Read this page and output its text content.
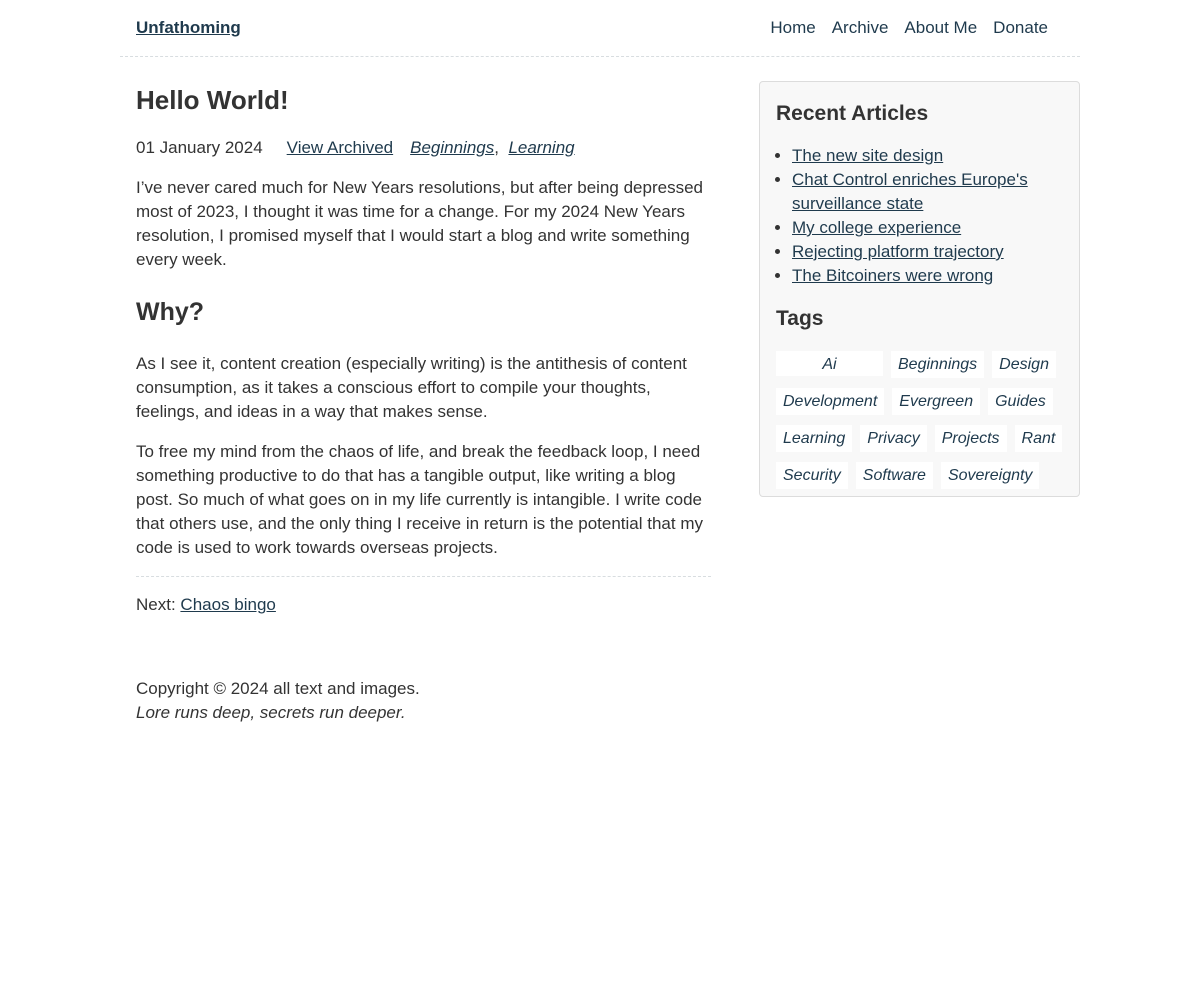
Unfathoming	Home Archive About Me Donate
Hello World!
01 January 2024 View Archived Beginnings, Learning

I’ve never cared much for New Years resolutions, but after being depressed most of 2023, I thought it was time for a change. For my 2024 New Years resolution, I promised myself that I would start a blog and write something every week.

Why?

As I see it, content creation (especially writing) is the antithesis of content consumption, as it takes a conscious effort to compile your thoughts, feelings, and ideas in a way that makes sense.

To free my mind from the chaos of life, and break the feedback loop, I need something productive to do that has a tangible output, like writing a blog post. So much of what goes on in my life currently is intangible. I write code that others use, and the only thing I receive in return is the potential that my code is used to work towards overseas projects.

Next: Chaos bingo
Copyright © 2024 all text and images.
Lore runs deep, secrets run deeper.
Recent Articles
• The new site design
• Chat Control enriches Europe's surveillance state
• My college experience
• Rejecting platform trajectory
• The Bitcoiners were wrong
Tags
Ai	Beginnings	Design
Development	Evergreen	Guides
Learning	Privacy	Projects	Rant
Security	Software	Sovereignty
